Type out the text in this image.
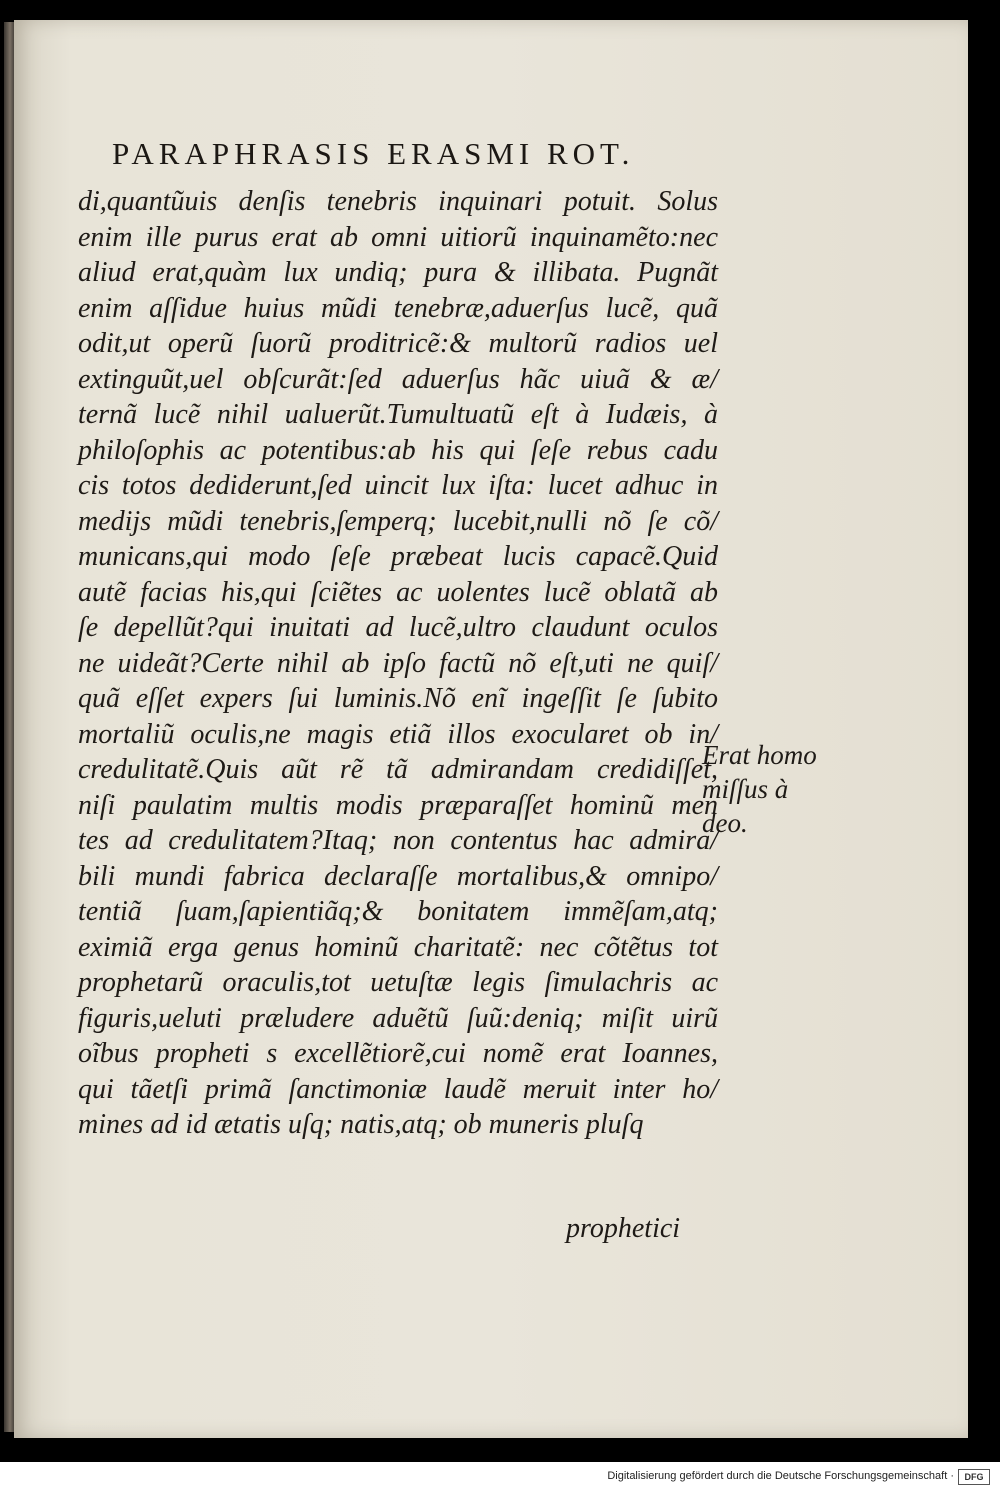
PARAPHRASIS ERASMI ROT.
di,quantũuis denſis tenebris inquinari potuit. Solus
enim ille purus erat ab omni uitiorũ inquinamẽto:nec
aliud erat,quàm lux undiq; pura & illibata. Pugnãt
enim aſſidue huius mũdi tenebræ,aduerſus lucẽ, quã
odit,ut operũ ſuorũ proditricẽ:& multorũ radios uel
extinguũt,uel obſcurãt:ſed aduerſus hãc uiuã & æ/
ternã lucẽ nihil ualuerũt.Tumultuatũ eſt à Iudæis, à
philoſophis ac potentibus:ab his qui ſeſe rebus cadu
cis totos dediderunt,ſed uincit lux iſta: lucet adhuc in
medijs mũdi tenebris,ſemperq; lucebit,nulli nõ ſe cõ/
municans,qui modo ſeſe præbeat lucis capacẽ.Quid
autẽ facias his,qui ſciẽtes ac uolentes lucẽ oblatã ab
ſe depellũt?qui inuitati ad lucẽ,ultro claudunt oculos
ne uideãt?Certe nihil ab ipſo factũ nõ eſt,uti ne quiſ/
quã eſſet expers ſui luminis.Nõ enĩ ingeſſit ſe ſubito
mortaliũ oculis,ne magis etiã illos exocularet ob in/
credulitatẽ.Quis aũt rẽ tã admirandam credidiſſet,
niſi paulatim multis modis præparaſſet hominũ men
tes ad credulitatem?Itaq; non contentus hac admira/
bili mundi fabrica declaraſſe mortalibus,& omnipo/
tentiã ſuam,ſapientiãq;& bonitatem immẽſam,atq;
eximiã erga genus hominũ charitatẽ: nec cõtẽtus tot
prophetarũ oraculis,tot uetuſtæ legis ſimulachris ac
figuris,ueluti præludere aduẽtũ ſuũ:deniq; miſit uirũ
oĩbus propheti s excellẽtiorẽ,cui nomẽ erat Ioannes,
qui tãetſi primã ſanctimoniæ laudẽ meruit inter ho/
mines ad id ætatis uſq; natis,atq; ob muneris pluſq
prophetici
Erat homo
miſſus à
deo.
Digitalisierung gefördert durch die Deutsche Forschungsgemeinschaft ·	DFG
